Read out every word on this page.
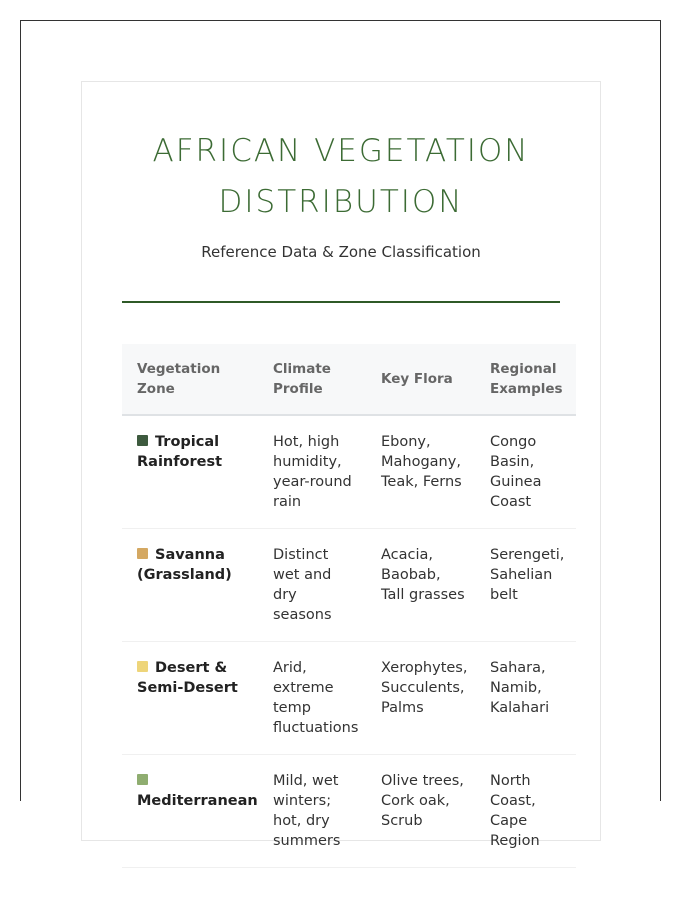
AFRICAN VEGETATION DISTRIBUTION

Reference Data & Zone Classification

Vegetation Zone	Climate Profile	Key Flora	Regional Examples
Tropical Rainforest	Hot, high humidity, year-round rain	Ebony, Mahogany, Teak, Ferns	Congo Basin, Guinea Coast
Savanna (Grassland)	Distinct wet and dry seasons	Acacia, Baobab, Tall grasses	Serengeti, Sahelian belt
Desert & Semi-Desert	Arid, extreme temp fluctuations	Xerophytes, Succulents, Palms	Sahara, Namib, Kalahari
Mediterranean	Mild, wet winters; hot, dry summers	Olive trees, Cork oak, Scrub	North Coast, Cape Region
